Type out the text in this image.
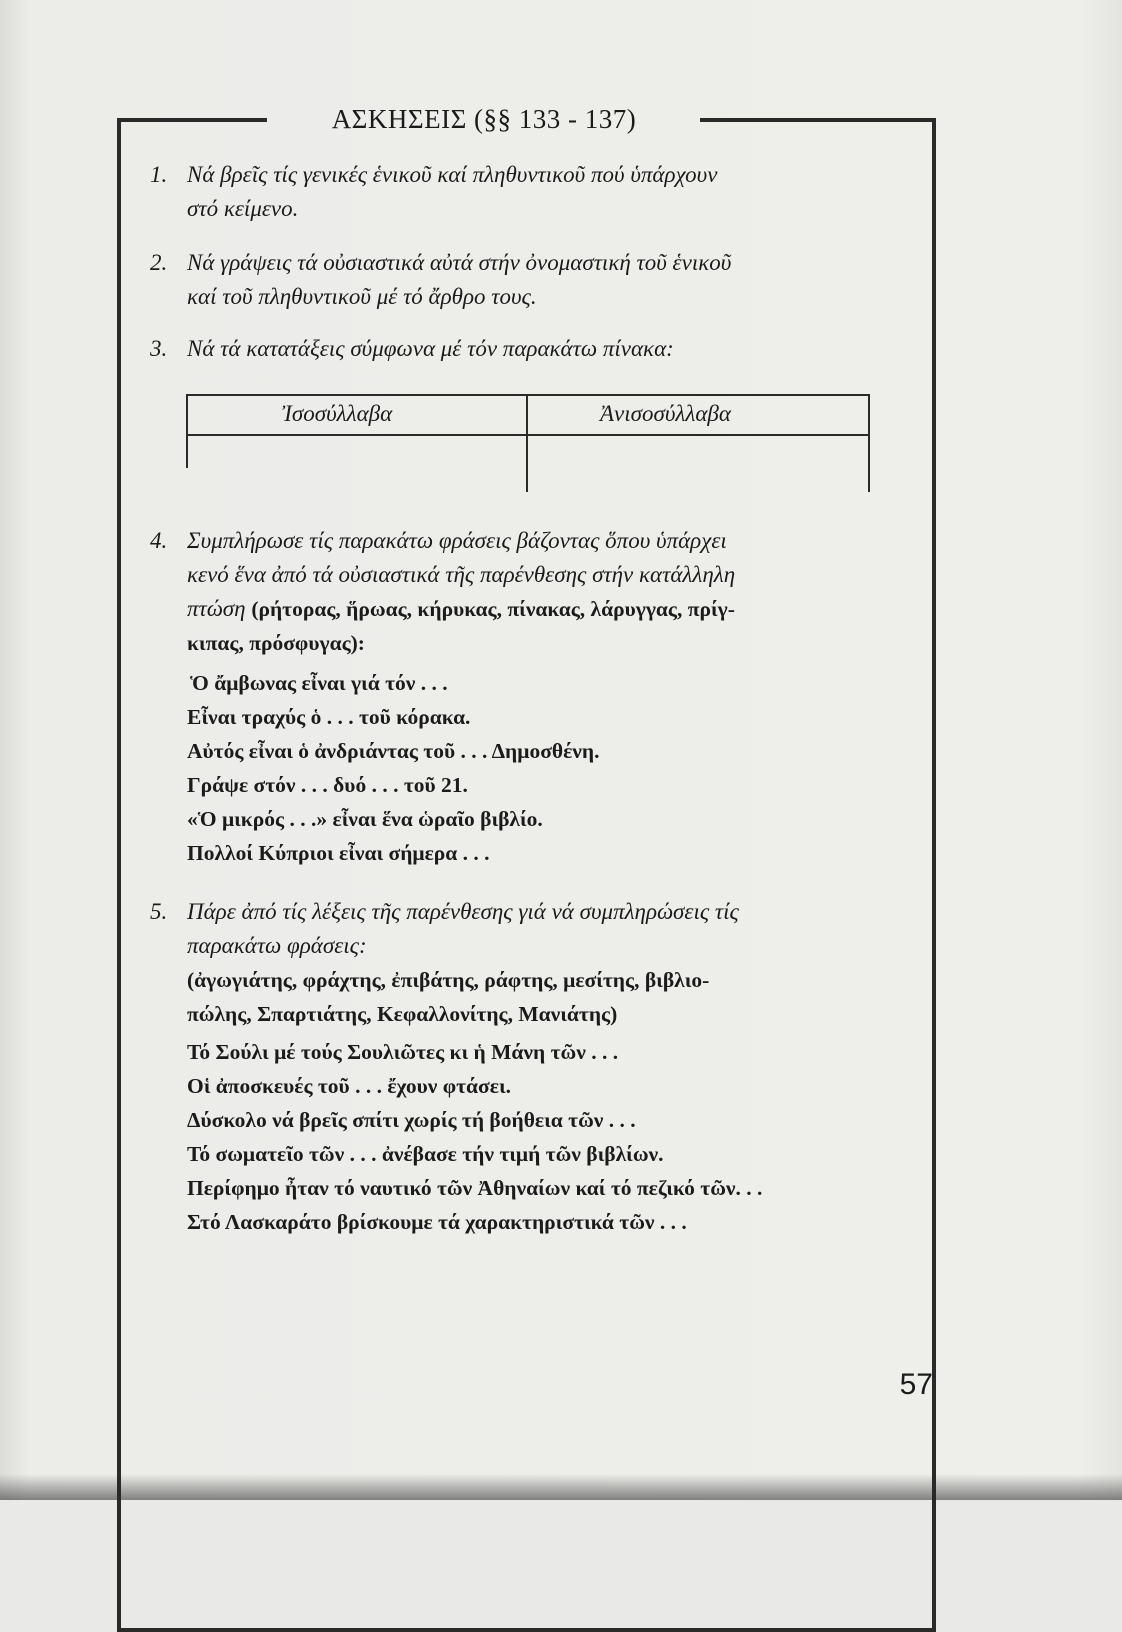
ΑΣΚΗΣΕΙΣ (§§ 133 - 137)
1. Νά βρεῖς τίς γενικές ἑνικοῦ καί πληθυντικοῦ πού ὑπάρχουν
στό κείμενο.
2. Νά γράψεις τά οὐσιαστικά αὐτά στήν ὀνομαστική τοῦ ἑνικοῦ
καί τοῦ πληθυντικοῦ μέ τό ἄρθρο τους.
3. Νά τά κατατάξεις σύμφωνα μέ τόν παρακάτω πίνακα:
Ἰσοσύλλαβα	Ἀνισοσύλλαβα
4. Συμπλήρωσε τίς παρακάτω φράσεις βάζοντας ὅπου ὑπάρχει
κενό ἕνα ἀπό τά οὐσιαστικά τῆς παρένθεσης στήν κατάλληλη
πτώση (ρήτορας, ἥρωας, κήρυκας, πίνακας, λάρυγγας, πρίγ-
κιπας, πρόσφυγας):
Ὁ ἄμβωνας εἶναι γιά τόν . . .
Εἶναι τραχύς ὁ . . . τοῦ κόρακα.
Αὐτός εἶναι ὁ ἀνδριάντας τοῦ . . . Δημοσθένη.
Γράψε στόν . . . δυό . . . τοῦ 21.
«Ὁ μικρός . . .» εἶναι ἕνα ὡραῖο βιβλίο.
Πολλοί Κύπριοι εἶναι σήμερα . . .
5. Πάρε ἀπό τίς λέξεις τῆς παρένθεσης γιά νά συμπληρώσεις τίς
παρακάτω φράσεις:
(ἀγωγιάτης, φράχτης, ἐπιβάτης, ράφτης, μεσίτης, βιβλιο-
πώλης, Σπαρτιάτης, Κεφαλλονίτης, Μανιάτης)
Τό Σούλι μέ τούς Σουλιῶτες κι ἡ Μάνη τῶν . . .
Οἱ ἀποσκευές τοῦ . . . ἔχουν φτάσει.
Δύσκολο νά βρεῖς σπίτι χωρίς τή βοήθεια τῶν . . .
Τό σωματεῖο τῶν . . . ἀνέβασε τήν τιμή τῶν βιβλίων.
Περίφημο ἦταν τό ναυτικό τῶν Ἀθηναίων καί τό πεζικό τῶν. . .
Στό Λασκαράτο βρίσκουμε τά χαρακτηριστικά τῶν . . .
57
